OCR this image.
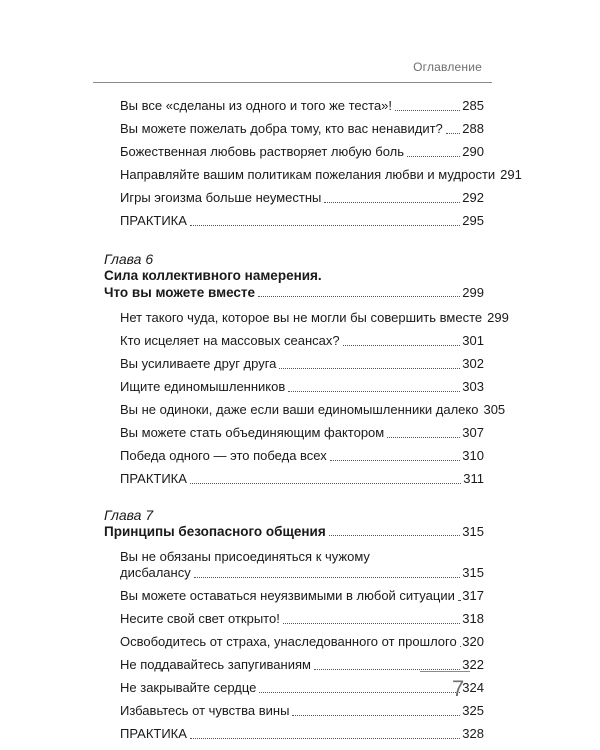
Оглавление
Вы все «сделаны из одного и того же теста»!	285
Вы можете пожелать добра тому, кто вас ненавидит? 288
Божественная любовь растворяет любую боль	290
Направляйте вашим политикам пожелания любви и мудрости 291
Игры эгоизма больше неуместны	292
ПРАКТИКА	295
Глава 6
Сила коллективного намерения.
Что вы можете вместе	299
Нет такого чуда, которое вы не могли бы совершить вместе 299
Кто исцеляет на массовых сеансах?	301
Вы усиливаете друг друга	302
Ищите единомышленников	303
Вы не одиноки, даже если ваши единомышленники далеко 305
Вы можете стать объединяющим фактором	307
Победа одного — это победа всех	310
ПРАКТИКА	311
Глава 7
Принципы безопасного общения	315
Вы не обязаны присоединяться к чужому
дисбалансу	315
Вы можете оставаться неуязвимыми в любой ситуации 317
Несите свой свет открыто!	318
Освободитесь от страха, унаследованного от прошлого 320
Не поддавайтесь запугиваниям	322
Не закрывайте сердце	324
Избавьтесь от чувства вины	325
ПРАКТИКА	328
7
